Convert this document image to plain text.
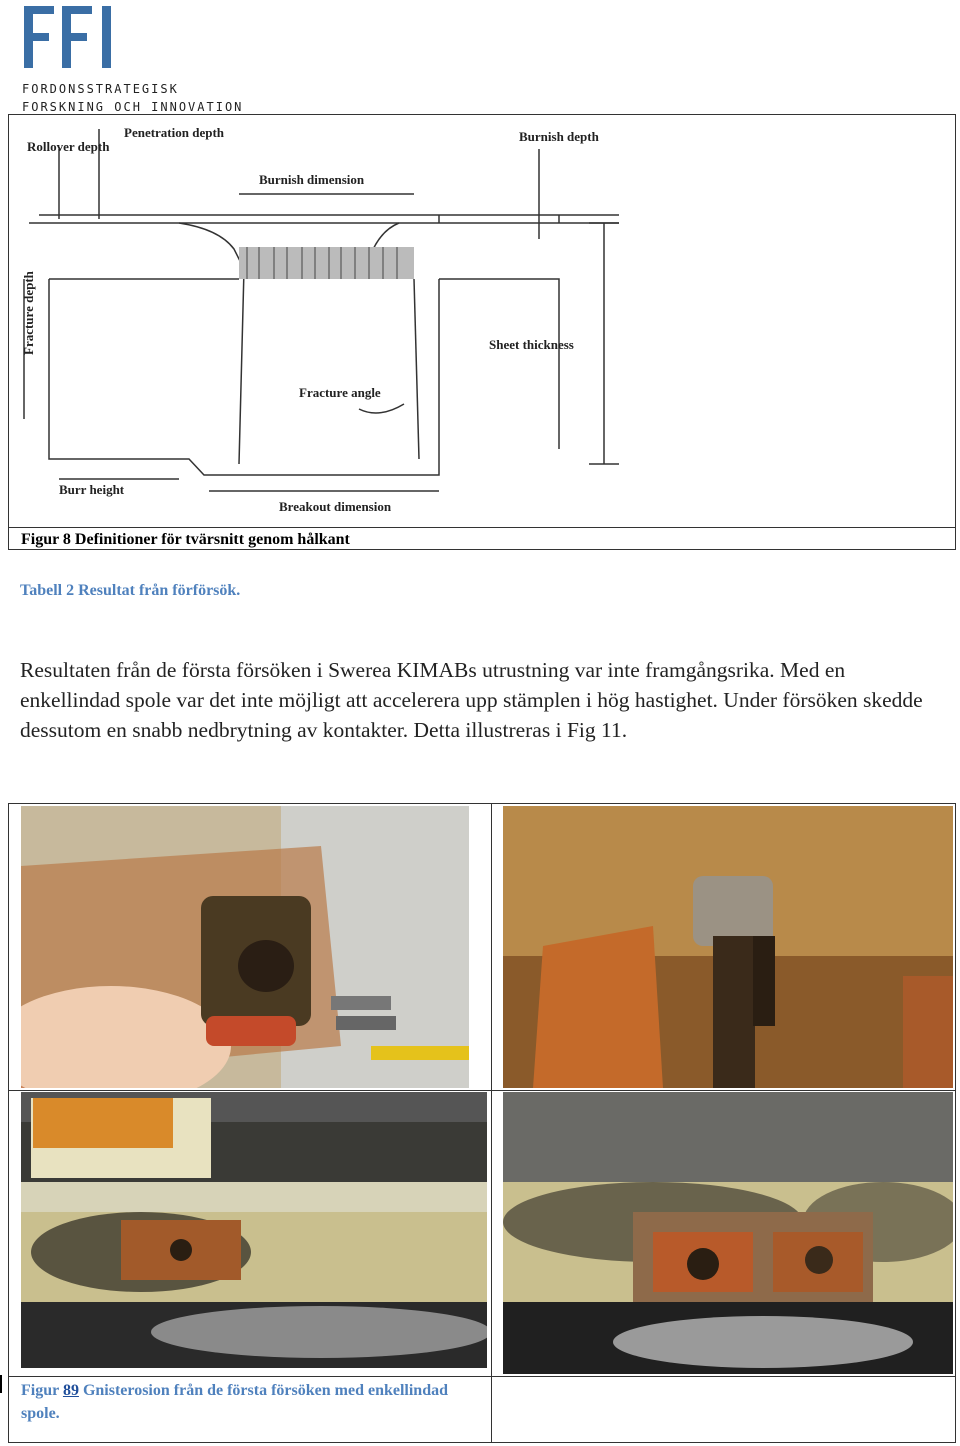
FORDONSSTRATEGISK
FORSKNING OCH INNOVATION
Rollover depth
Penetration depth
Burnish dimension
Burnish depth
Sheet thickness
Fracture angle
Burr height
Breakout dimension
Fracture depth
Figur 8 Definitioner för tvärsnitt genom hålkant
Tabell 2 Resultat från förförsök.
Resultaten från de första försöken i Swerea KIMABs utrustning var inte framgångsrika. Med en enkellindad spole var det inte möjligt att accelerera upp stämplen i hög hastighet. Under försöken skedde dessutom en snabb nedbrytning av kontakter. Detta illustreras i Fig 11.
Figur 89 Gnisterosion från de första försöken med enkellindad spole.
